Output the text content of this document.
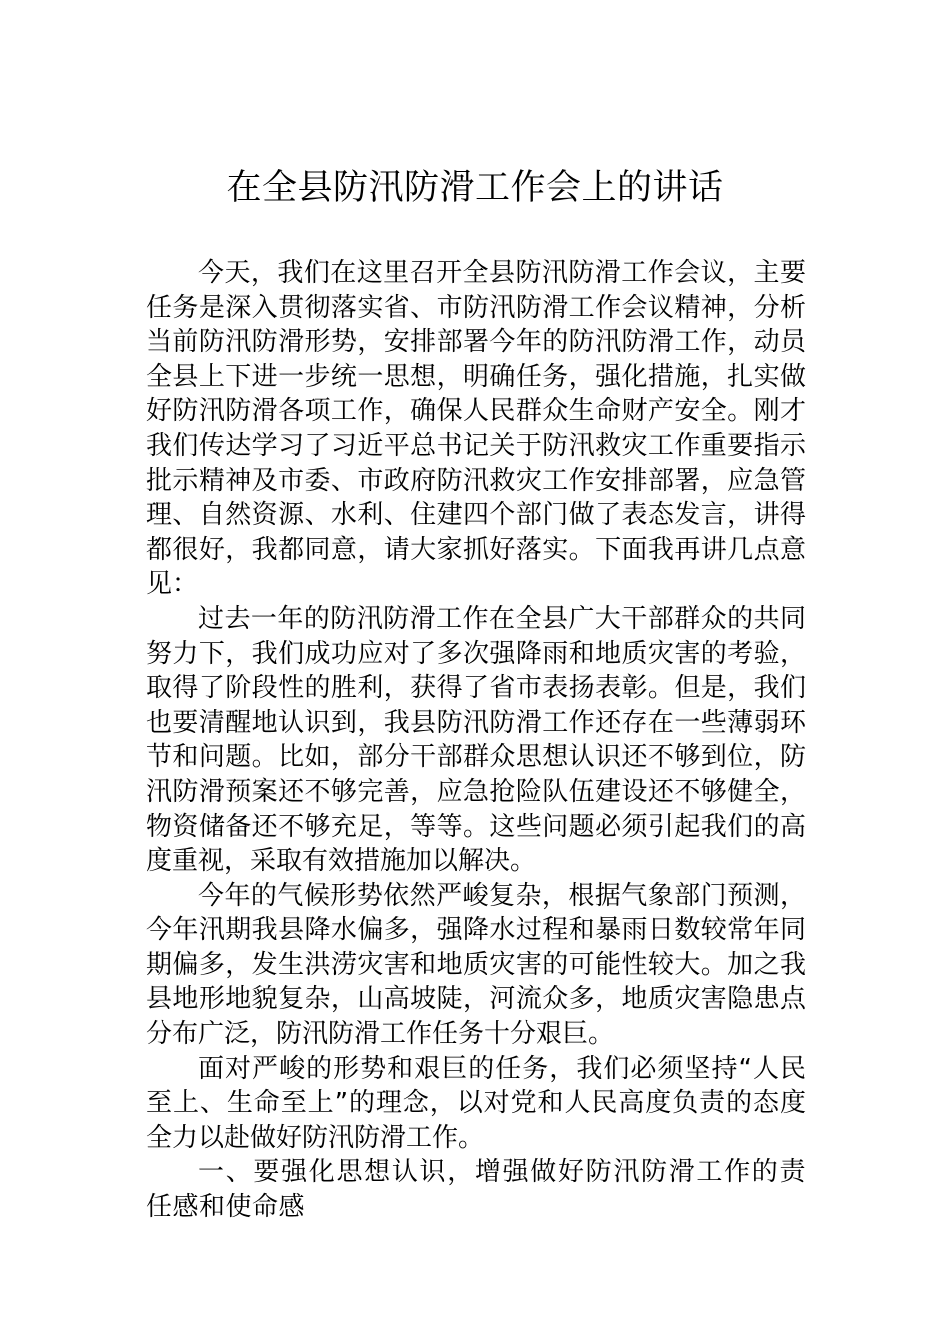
在全县防汛防滑工作会上的讲话

今天，我们在这里召开全县防汛防滑工作会议，主要任务是深入贯彻落实省、市防汛防滑工作会议精神，分析当前防汛防滑形势，安排部署今年的防汛防滑工作，动员全县上下进一步统一思想，明确任务，强化措施，扎实做好防汛防滑各项工作，确保人民群众生命财产安全。刚才我们传达学习了习近平总书记关于防汛救灾工作重要指示批示精神及市委、市政府防汛救灾工作安排部署，应急管理、自然资源、水利、住建四个部门做了表态发言，讲得都很好，我都同意，请大家抓好落实。下面我再讲几点意见：

过去一年的防汛防滑工作在全县广大干部群众的共同努力下，我们成功应对了多次强降雨和地质灾害的考验，取得了阶段性的胜利，获得了省市表扬表彰。但是，我们也要清醒地认识到，我县防汛防滑工作还存在一些薄弱环节和问题。比如，部分干部群众思想认识还不够到位，防汛防滑预案还不够完善，应急抢险队伍建设还不够健全，物资储备还不够充足，等等。这些问题必须引起我们的高度重视，采取有效措施加以解决。

今年的气候形势依然严峻复杂，根据气象部门预测，今年汛期我县降水偏多，强降水过程和暴雨日数较常年同期偏多，发生洪涝灾害和地质灾害的可能性较大。加之我县地形地貌复杂，山高坡陡，河流众多，地质灾害隐患点分布广泛，防汛防滑工作任务十分艰巨。

面对严峻的形势和艰巨的任务，我们必须坚持“人民至上、生命至上”的理念，以对党和人民高度负责的态度全力以赴做好防汛防滑工作。

一、要强化思想认识，增强做好防汛防滑工作的责任感和使命感
